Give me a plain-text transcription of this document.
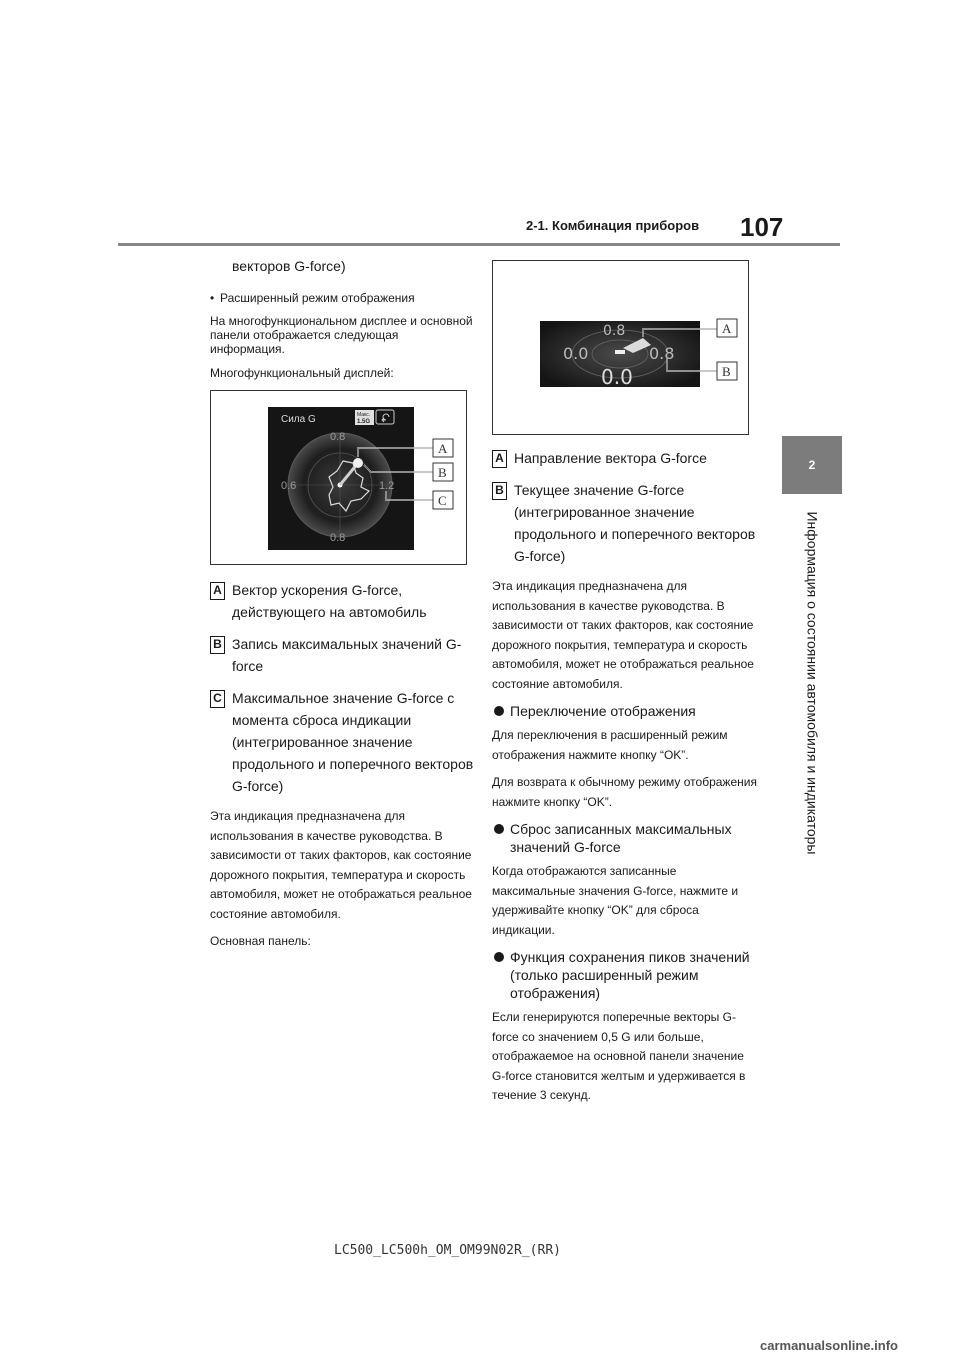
107
2-1. Комбинация приборов
2
Информация о состоянии автомобиля и индикаторы
векторов G-force)
• Расширенный режим отображения
На многофункциональном дисплее и основной панели отображается следующая информация.
Многофункциональный дисплей:
Сила G	Макс.
1.5G
0.8
0.6	1.2
0.8
A
B
C
A Вектор ускорения G-force, действующего на автомобиль
B Запись максимальных значений G-force
C Максимальное значение G-force с момента сброса индикации (интегрированное значение продольного и поперечного векторов G-force)
Эта индикация предназначена для использования в качестве руководства. В зависимости от таких факторов, как состояние дорожного покрытия, температура и скорость автомобиля, может не отображаться реальное состояние автомобиля.
Основная панель:
0.8
0.0	0.8
0.0
A
B
A Направление вектора G-force
B Текущее значение G-force (интегрированное значение продольного и поперечного векторов G-force)
Эта индикация предназначена для использования в качестве руководства. В зависимости от таких факторов, как состояние дорожного покрытия, температура и скорость автомобиля, может не отображаться реальное состояние автомобиля.
Переключение отображения
Для переключения в расширенный режим отображения нажмите кнопку “OK”.
Для возврата к обычному режиму отображения нажмите кнопку “OK”.
Сброс записанных максимальных значений G-force
Когда отображаются записанные максимальные значения G-force, нажмите и удерживайте кнопку “OK” для сброса индикации.
Функция сохранения пиков значений (только расширенный режим отображения)
Если генерируются поперечные векторы G-force со значением 0,5 G или больше, отображаемое на основной панели значение G-force становится желтым и удерживается в течение 3 секунд.
LC500_LC500h_OM_OM99N02R_(RR)
carmanualsonline.info
